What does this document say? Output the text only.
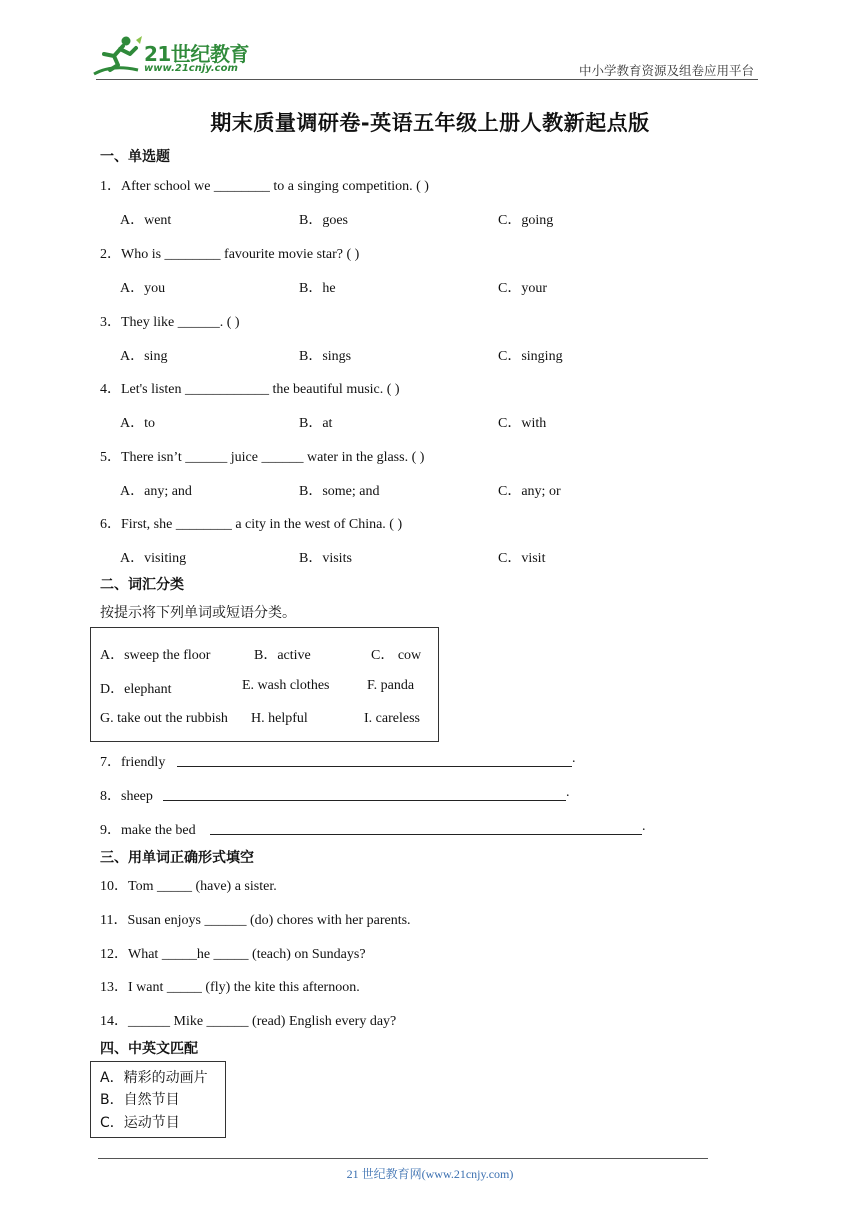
21世纪教育
www.21cnjy.com	中小学教育资源及组卷应用平台
期末质量调研卷-英语五年级上册人教新起点版
一、单选题
1．After school we ________ to a singing competition. ( )
A．went	B．goes	C．going
2．Who is ________ favourite movie star? ( )
A．you	B．he	C．your
3．They like ______. ( )
A．sing	B．sings	C．singing
4．Let's listen ____________ the beautiful music. ( )
A．to	B．at	C．with
5．There isn’t ______ juice ______ water in the glass. ( )
A．any; and	B．some; and	C．any; or
6．First, she ________ a city in the west of China. ( )
A．visiting	B．visits	C．visit
二、词汇分类
按提示将下列单词或短语分类。
A．sweep the floor	B．active	C． cow
D．elephant	E. wash clothes	F. panda
G. take out the rubbish H. helpful	I. careless
7．friendly	.
8．sheep	.
9．make the bed	.
三、用单词正确形式填空
10．Tom _____ (have) a sister.
11．Susan enjoys ______ (do) chores with her parents.
12．What _____he _____ (teach) on Sundays?
13．I want _____ (fly) the kite this afternoon.
14．______ Mike ______ (read) English every day?
四、中英文匹配
A．精彩的动画片
B．自然节目
C．运动节目
21 世纪教育网(www.21cnjy.com)
